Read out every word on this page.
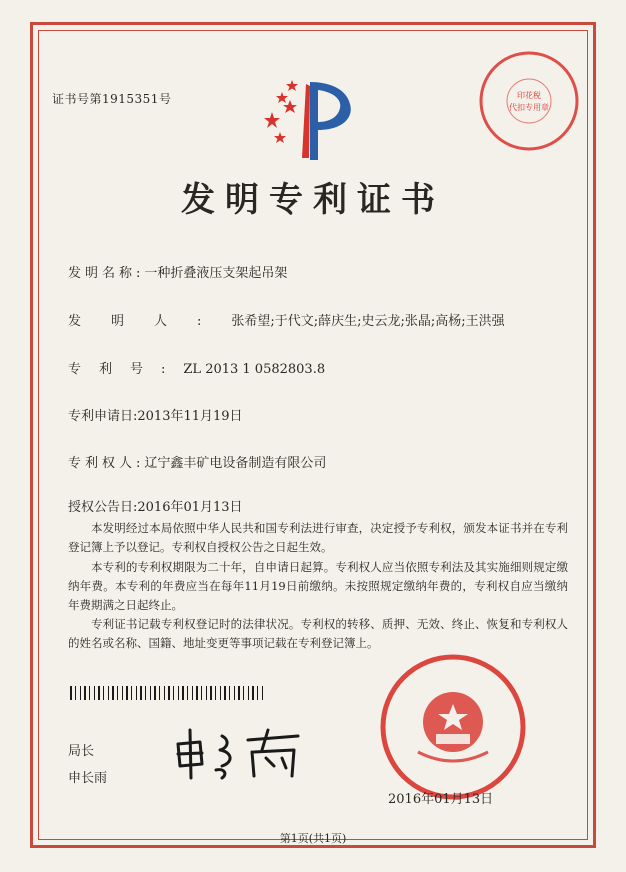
证书号第1915351号	印花税
代扣专用章
发明专利证书
发明名称:一种折叠液压支架起吊架
发明人:张希望;于代文;薛庆生;史云龙;张晶;高杨;王洪强
专利号:ZL 2013 1 0582803.8
专利申请日:2013年11月19日
专利权人:辽宁鑫丰矿电设备制造有限公司
授权公告日:2016年01月13日
本发明经过本局依照中华人民共和国专利法进行审查，决定授予专利权，颁发本证书并在专利登记簿上予以登记。专利权自授权公告之日起生效。
本专利的专利权期限为二十年，自申请日起算。专利权人应当依照专利法及其实施细则规定缴纳年费。本专利的年费应当在每年11月19日前缴纳。未按照规定缴纳年费的，专利权自应当缴纳年费期满之日起终止。
专利证书记载专利权登记时的法律状况。专利权的转移、质押、无效、终止、恢复和专利权人的姓名或名称、国籍、地址变更等事项记载在专利登记簿上。
局长
申长雨
2016年01月13日
第1页(共1页)
